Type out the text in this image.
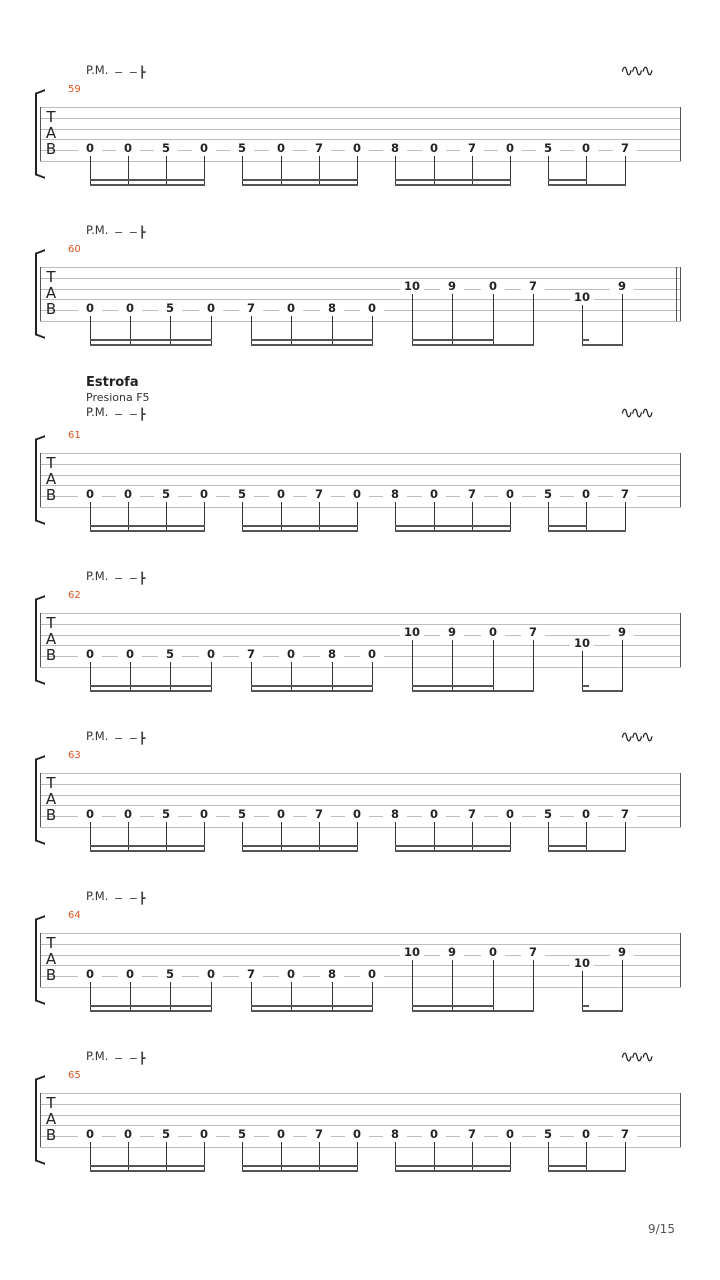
P.M. − −┣	∿∿∿
59
T
A
B	0	0	5	0	5	0	7	0	8	0	7	0	5	0	7
P.M. − −┣
60
T
A
B	0	0	5	0	7	0	8	0
10	9	0	7
10
9
Estrofa
Presiona F5
P.M. − −┣	∿∿∿
61
T
A
B	0	0	5	0	5	0	7	0	8	0	7	0	5	0	7
P.M. − −┣
62
T
A
B	0	0	5	0	7	0	8	0
10	9	0	7
10
9
P.M. − −┣	∿∿∿
63
T
A
B	0	0	5	0	5	0	7	0	8	0	7	0	5	0	7
P.M. − −┣
64
T
A
B	0	0	5	0	7	0	8	0
10	9	0	7
10
9
P.M. − −┣	∿∿∿
65
T
A
B	0	0	5	0	5	0	7	0	8	0	7	0	5	0	7
9/15
